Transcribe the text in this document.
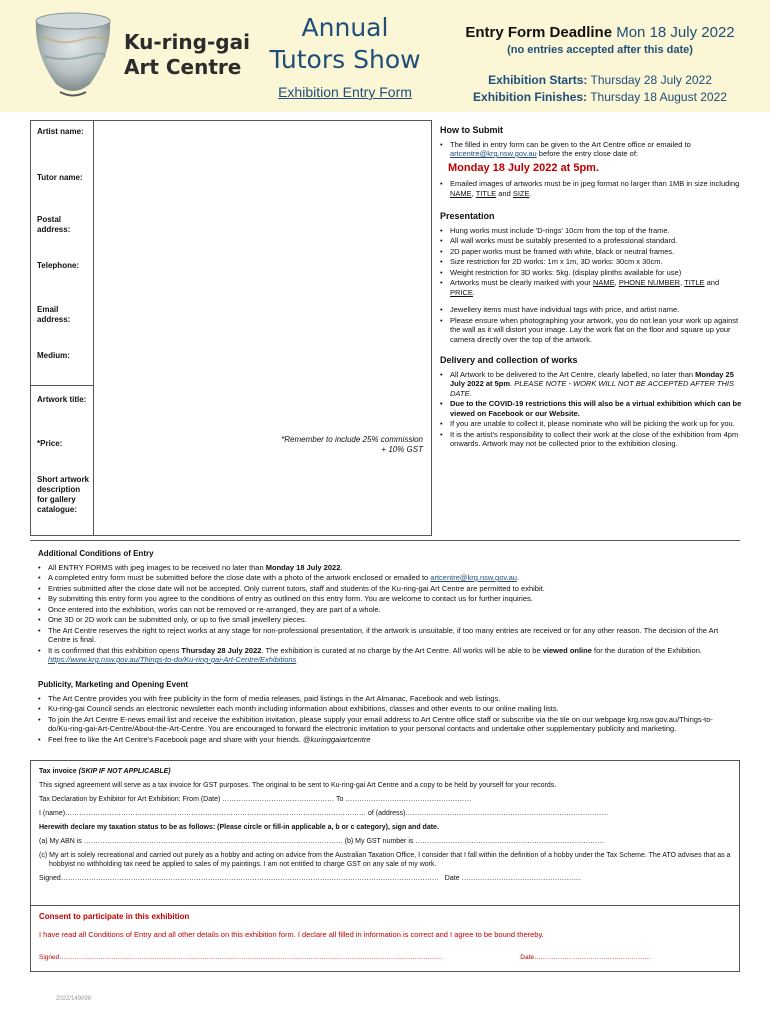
Ku-ring-gai
Art Centre
Annual
Tutors Show
Exhibition Entry Form
Entry Form Deadline Mon 18 July 2022
(no entries accepted after this date)
Exhibition Starts: Thursday 28 July 2022
Exhibition Finishes: Thursday 18 August 2022
Artist name:
Tutor name:
Postal address:
Telephone:
Email address:
Medium:
Artwork title:
*Price:	*Remember to include 25% commission
+ 10% GST
Short artwork description for gallery catalogue:
How to Submit
• The filled in entry form can be given to the Art Centre office or emailed to artcentre@krg.nsw.gov.au before the entry close date of:
Monday 18 July 2022 at 5pm.
• Emailed images of artworks must be in jpeg format no larger than 1MB in size including NAME, TITLE and SIZE.
Presentation
• Hung works must include 'D-rings' 10cm from the top of the frame.
• All wall works must be suitably presented to a professional standard.
• 2D paper works must be framed with white, black or neutral frames.
• Size restriction for 2D works: 1m x 1m, 3D works: 30cm x 30cm.
• Weight restriction for 3D works: 5kg. (display plinths available for use)
• Artworks must be clearly marked with your NAME, PHONE NUMBER, TITLE and PRICE.
• Jewellery items must have individual tags with price, and artist name.
• Please ensure when photographing your artwork, you do not lean your work up against the wall as it will distort your image. Lay the work flat on the floor and square up your camera directly over the top of the artwork.
Delivery and collection of works
• All Artwork to be delivered to the Art Centre, clearly labelled, no later than Monday 25 July 2022 at 5pm. PLEASE NOTE - WORK WILL NOT BE ACCEPTED AFTER THIS DATE.
• Due to the COVID-19 restrictions this will also be a virtual exhibition which can be viewed on Facebook or our Website.
• If you are unable to collect it, please nominate who will be picking the work up for you.
• It is the artist's responsibility to collect their work at the close of the exhibition from 4pm onwards. Artwork may not be collected prior to the exhibition closing.
Additional Conditions of Entry
• All ENTRY FORMS with jpeg images to be received no later than Monday 18 July 2022.
• A completed entry form must be submitted before the close date with a photo of the artwork enclosed or emailed to artcentre@krg.nsw.gov.au.
• Entries submitted after the close date will not be accepted. Only current tutors, staff and students of the Ku-ring-gai Art Centre are permitted to exhibit.
• By submitting this entry form you agree to the conditions of entry as outlined on this entry form. You are welcome to contact us for further inquiries.
• Once entered into the exhibition, works can not be removed or re-arranged, they are part of a whole.
• One 3D or 2D work can be submitted only, or up to five small jewellery pieces.
• The Art Centre reserves the right to reject works at any stage for non-professional presentation, if the artwork is unsuitable, if too many entries are received or for any other reason. The decision of the Art Centre is final.
• It is confirmed that this exhibition opens Thursday 28 July 2022. The exhibition is curated at no charge by the Art Centre. All works will be able to be viewed online for the duration of the Exhibition. https://www.krg.nsw.gov.au/Things-to-do/Ku-ring-gai-Art-Centre/Exhibitions
Publicity, Marketing and Opening Event
• The Art Centre provides you with free publicity in the form of media releases, paid listings in the Art Almanac, Facebook and web listings.
• Ku-ring-gai Council sends an electronic newsletter each month including information about exhibitions, classes and other events to our online mailing lists.
• To join the Art Centre E-news email list and receive the exhibition invitation, please supply your email address to Art Centre office staff or subscribe via the tile on our webpage krg.nsw.gov.au/Things-to-do/Ku-ring-gai-Art-Centre/About-the-Art-Centre. You are encouraged to forward the electronic invitation to your personal contacts and undertake other supplementary publicity and marketing.
• Feel free to like the Art Centre's Facebook page and share with your friends. @kuringgaiartcentre
Tax invoice (SKIP IF NOT APPLICABLE)
This signed agreement will serve as a tax invoice for GST purposes. The original to be sent to Ku-ring-gai Art Centre and a copy to be held by yourself for your records.
Tax Declaration by Exhibitor for Art Exhibition: From (Date) ………………………………………… To ………………………………………………
I (name)………………………………………………………………………………………………………………… of (address)……………………………………………………………………………
Herewith declare my taxation status to be as follows: (Please circle or fill-in applicable a, b or c category), sign and date.
(a) My ABN is ………………………………………………………………………………………………… (b) My GST number is ………………………………………………………………………
(c) My art is solely recreational and carried out purely as a hobby and acting on advice from the Australian Taxation Office, I consider that I fall within the definition of a hobby under the Tax Scheme. The ATO advises that as a hobbyist no withholding tax need be applied to sales of my paintings. I am not entitled to charge GST on any sale of my work.
Signed……………………………………………………………………………………………………………………………………………… Date ……………………………………………
Consent to participate in this exhibition
I have read all Conditions of Entry and all other details on this exhibition form. I declare all filled in information is correct and I agree to be bound thereby.
Signed……………………………………………………………………………………………………………………………………………………………	Date………………………………………………
2022/149096
